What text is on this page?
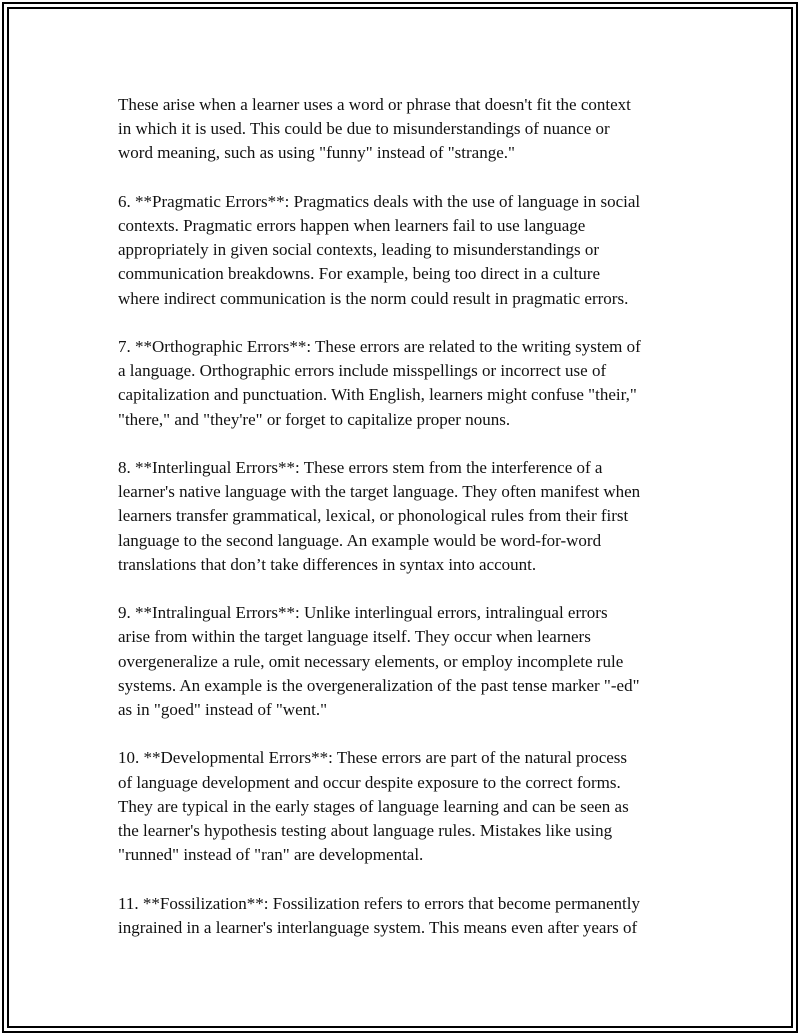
These arise when a learner uses a word or phrase that doesn't fit the context
in which it is used. This could be due to misunderstandings of nuance or
word meaning, such as using "funny" instead of "strange."

6. **Pragmatic Errors**: Pragmatics deals with the use of language in social
contexts. Pragmatic errors happen when learners fail to use language
appropriately in given social contexts, leading to misunderstandings or
communication breakdowns. For example, being too direct in a culture
where indirect communication is the norm could result in pragmatic errors.

7. **Orthographic Errors**: These errors are related to the writing system of
a language. Orthographic errors include misspellings or incorrect use of
capitalization and punctuation. With English, learners might confuse "their,"
"there," and "they're" or forget to capitalize proper nouns.

8. **Interlingual Errors**: These errors stem from the interference of a
learner's native language with the target language. They often manifest when
learners transfer grammatical, lexical, or phonological rules from their first
language to the second language. An example would be word-for-word
translations that don’t take differences in syntax into account.

9. **Intralingual Errors**: Unlike interlingual errors, intralingual errors
arise from within the target language itself. They occur when learners
overgeneralize a rule, omit necessary elements, or employ incomplete rule
systems. An example is the overgeneralization of the past tense marker "-ed"
as in "goed" instead of "went."

10. **Developmental Errors**: These errors are part of the natural process
of language development and occur despite exposure to the correct forms.
They are typical in the early stages of language learning and can be seen as
the learner's hypothesis testing about language rules. Mistakes like using
"runned" instead of "ran" are developmental.

11. **Fossilization**: Fossilization refers to errors that become permanently
ingrained in a learner's interlanguage system. This means even after years of
